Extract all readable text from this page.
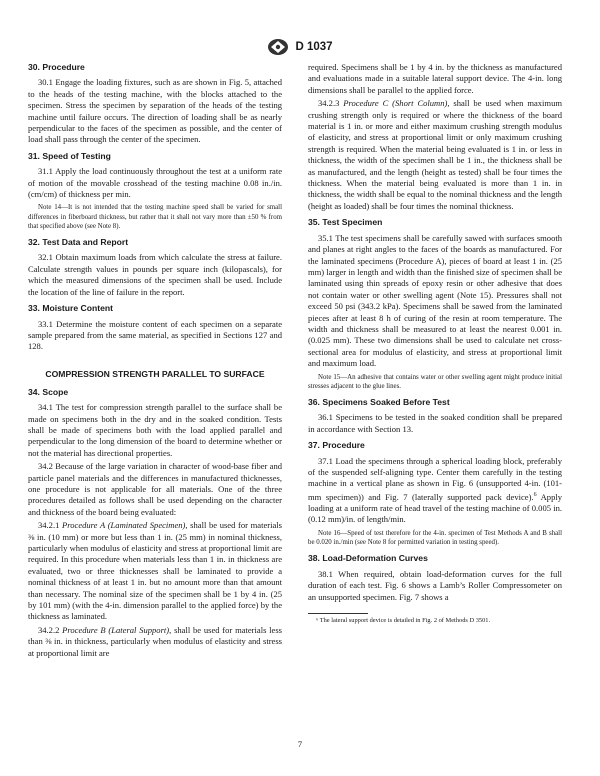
D 1037
30. Procedure

30.1 Engage the loading fixtures, such as are shown in Fig. 5, attached to the heads of the testing machine, with the blocks attached to the specimen. Stress the specimen by separation of the heads of the testing machine until failure occurs. The direction of loading shall be as nearly perpendicular to the faces of the specimen as possible, and the center of load shall pass through the center of the specimen.

31. Speed of Testing

31.1 Apply the load continuously throughout the test at a uniform rate of motion of the movable crosshead of the testing machine 0.08 in./in. (cm/cm) of thickness per min.

Note 14—It is not intended that the testing machine speed shall be varied for small differences in fiberboard thickness, but rather that it shall not vary more than ±50 % from that specified above (see Note 8).

32. Test Data and Report

32.1 Obtain maximum loads from which calculate the stress at failure. Calculate strength values in pounds per square inch (kilopascals), for which the measured dimensions of the specimen shall be used. Include the location of the line of failure in the report.

33. Moisture Content

33.1 Determine the moisture content of each specimen on a separate sample prepared from the same material, as specified in Sections 127 and 128.

COMPRESSION STRENGTH PARALLEL TO SURFACE
34. Scope

34.1 The test for compression strength parallel to the surface shall be made on specimens both in the dry and in the soaked condition. Tests shall be made of specimens both with the load applied parallel and perpendicular to the long dimension of the board to determine whether or not the material has directional properties.

34.2 Because of the large variation in character of wood-base fiber and particle panel materials and the differences in manufactured thicknesses, one procedure is not applicable for all materials. One of the three procedures detailed as follows shall be used depending on the character and thickness of the board being evaluated:

34.2.1 Procedure A (Laminated Specimen), shall be used for materials ⅜ in. (10 mm) or more but less than 1 in. (25 mm) in nominal thickness, particularly when modulus of elasticity and stress at proportional limit are required. In this procedure when materials less than 1 in. in thickness are evaluated, two or three thicknesses shall be laminated to provide a nominal thickness of at least 1 in. but no amount more than that amount than necessary. The nominal size of the specimen shall be 1 by 4 in. (25 by 101 mm) (with the 4-in. dimension parallel to the applied force) by the thickness as laminated.

34.2.2 Procedure B (Lateral Support), shall be used for materials less than ⅜ in. in thickness, particularly when modulus of elasticity and stress at proportional limit are

required. Specimens shall be 1 by 4 in. by the thickness as manufactured and evaluations made in a suitable lateral support device. The 4-in. long dimensions shall be parallel to the applied force.

34.2.3 Procedure C (Short Column), shall be used when maximum crushing strength only is required or where the thickness of the board material is 1 in. or more and either maximum crushing strength modulus of elasticity, and stress at proportional limit or only maximum crushing strength is required. When the material being evaluated is 1 in. or less in thickness, the width of the specimen shall be 1 in., the thickness shall be as manufactured, and the length (height as tested) shall be four times the thickness. When the material being evaluated is more than 1 in. in thickness, the width shall be equal to the nominal thickness and the length (height as loaded) shall be four times the nominal thickness.

35. Test Specimen

35.1 The test specimens shall be carefully sawed with surfaces smooth and planes at right angles to the faces of the boards as manufactured. For the laminated specimens (Procedure A), pieces of board at least 1 in. (25 mm) larger in length and width than the finished size of specimen shall be laminated using thin spreads of epoxy resin or other adhesive that does not contain water or other swelling agent (Note 15). Pressures shall not exceed 50 psi (343.2 kPa). Specimens shall be sawed from the laminated pieces after at least 8 h of curing of the resin at room temperature. The width and thickness shall be measured to at least the nearest 0.001 in. (0.025 mm). These two dimensions shall be used to calculate net cross-sectional area for modulus of elasticity, and stress at proportional limit and maximum load.

Note 15—An adhesive that contains water or other swelling agent might produce initial stresses adjacent to the glue lines.

36. Specimens Soaked Before Test

36.1 Specimens to be tested in the soaked condition shall be prepared in accordance with Section 13.

37. Procedure

37.1 Load the specimens through a spherical loading block, preferably of the suspended self-aligning type. Center them carefully in the testing machine in a vertical plane as shown in Fig. 6 (unsupported 4-in. (101-mm specimen)) and Fig. 7 (laterally supported pack device).$^6$ Apply loading at a uniform rate of head travel of the testing machine of 0.005 in. (0.12 mm)/in. of length/min.

Note 16—Speed of test therefore for the 4-in. specimen of Test Methods A and B shall be 0.020 in./min (see Note 8 for permitted variation in testing speed).

38. Load-Deformation Curves

38.1 When required, obtain load-deformation curves for the full duration of each test. Fig. 6 shows a Lamb’s Roller Compressometer on an unsupported specimen. Fig. 7 shows a

⁶ The lateral support device is detailed in Fig. 2 of Methods D 3501.
7
